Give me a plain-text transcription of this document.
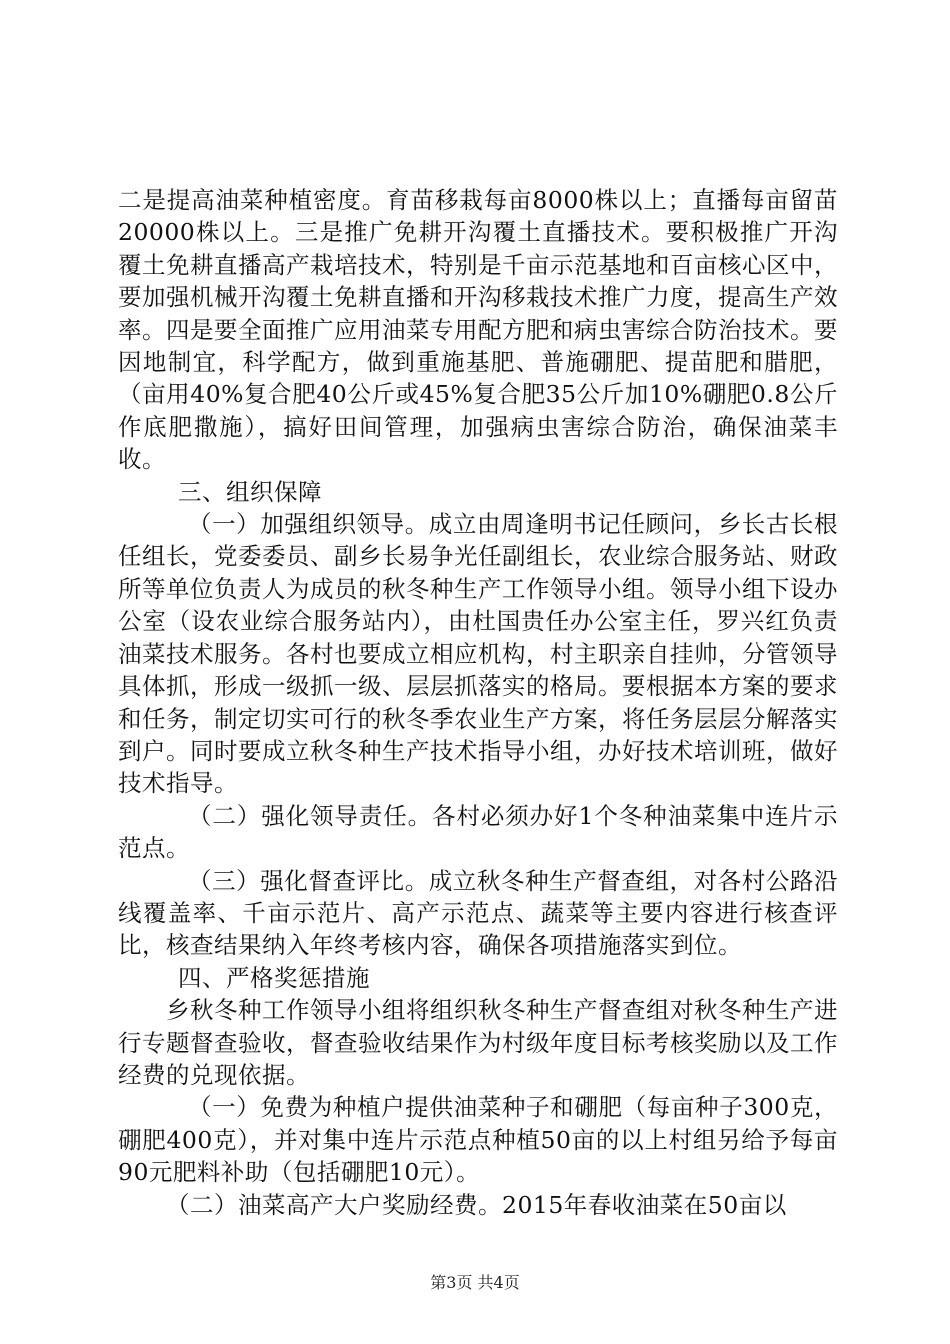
二是提高油菜种植密度。育苗移栽每亩8000株以上；直播每亩留苗20000株以上。三是推广免耕开沟覆土直播技术。要积极推广开沟覆土免耕直播高产栽培技术，特别是千亩示范基地和百亩核心区中，要加强机械开沟覆土免耕直播和开沟移栽技术推广力度，提高生产效率。四是要全面推广应用油菜专用配方肥和病虫害综合防治技术。要因地制宜，科学配方，做到重施基肥、普施硼肥、提苗肥和腊肥，（亩用40%复合肥40公斤或45%复合肥35公斤加10%硼肥0.8公斤作底肥撒施），搞好田间管理，加强病虫害综合防治，确保油菜丰收。

三、组织保障

（一）加强组织领导。成立由周逢明书记任顾问，乡长古长根任组长，党委委员、副乡长易争光任副组长，农业综合服务站、财政所等单位负责人为成员的秋冬种生产工作领导小组。领导小组下设办公室（设农业综合服务站内），由杜国贵任办公室主任，罗兴红负责油菜技术服务。各村也要成立相应机构，村主职亲自挂帅，分管领导具体抓，形成一级抓一级、层层抓落实的格局。要根据本方案的要求和任务，制定切实可行的秋冬季农业生产方案，将任务层层分解落实到户。同时要成立秋冬种生产技术指导小组，办好技术培训班，做好技术指导。

（二）强化领导责任。各村必须办好1个冬种油菜集中连片示范点。

（三）强化督查评比。成立秋冬种生产督查组，对各村公路沿线覆盖率、千亩示范片、高产示范点、蔬菜等主要内容进行核查评比，核查结果纳入年终考核内容，确保各项措施落实到位。

四、严格奖惩措施

乡秋冬种工作领导小组将组织秋冬种生产督查组对秋冬种生产进行专题督查验收，督查验收结果作为村级年度目标考核奖励以及工作经费的兑现依据。

（一）免费为种植户提供油菜种子和硼肥（每亩种子300克，硼肥400克），并对集中连片示范点种植50亩的以上村组另给予每亩90元肥料补助（包括硼肥10元）。

（二）油菜高产大户奖励经费。2015年春收油菜在50亩以

第3页 共4页
